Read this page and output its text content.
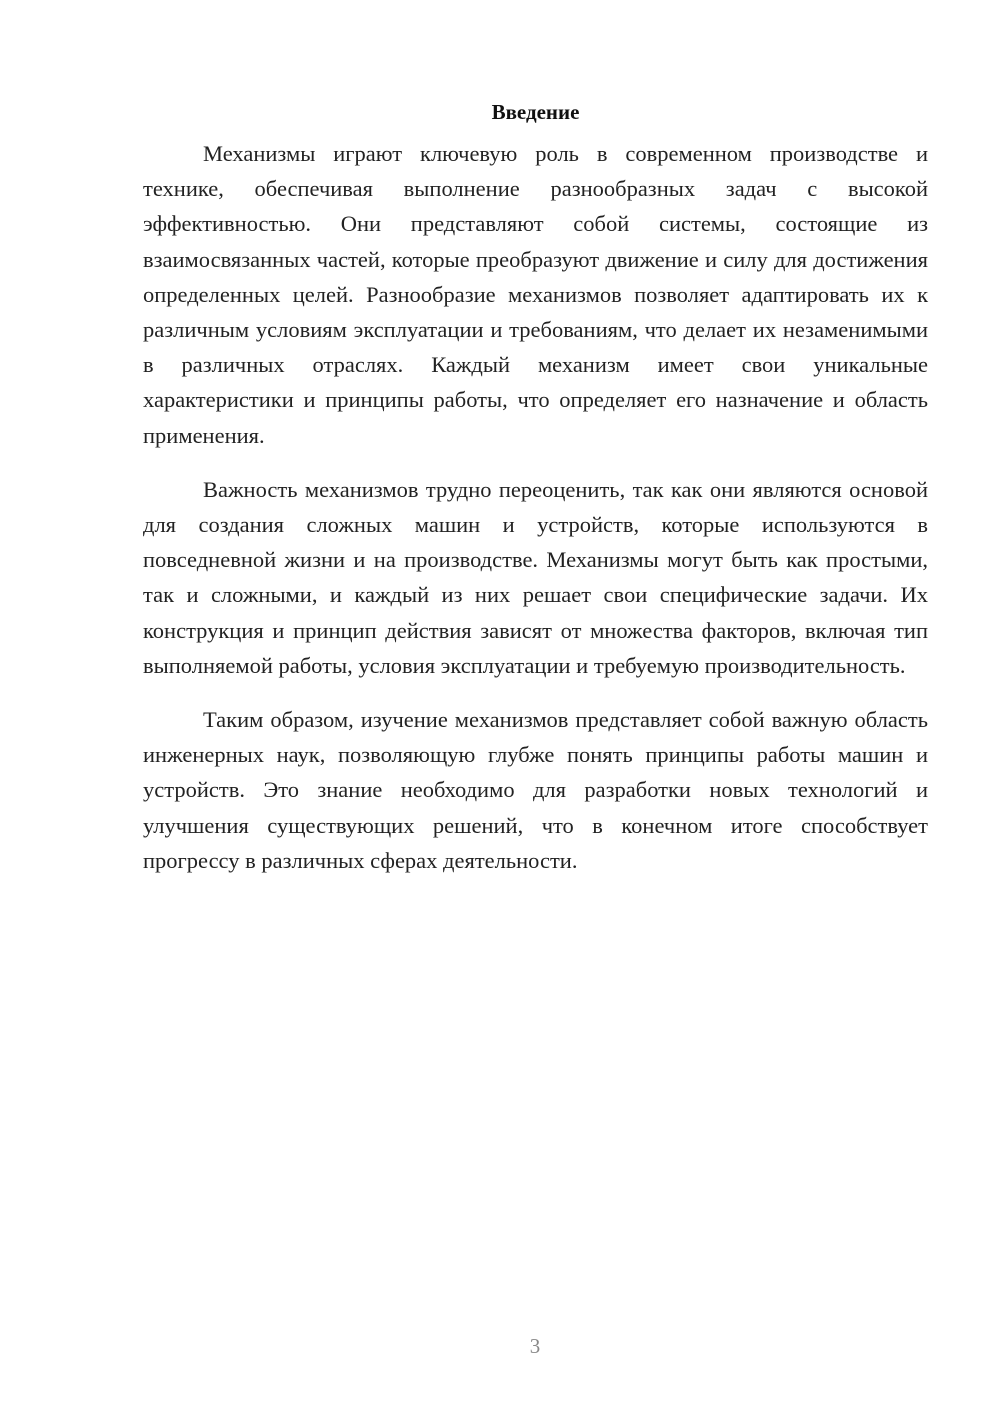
Введение

Механизмы играют ключевую роль в современном производстве и технике, обеспечивая выполнение разнообразных задач с высокой эффективностью. Они представляют собой системы, состоящие из взаимосвязанных частей, которые преобразуют движение и силу для достижения определенных целей. Разнообразие механизмов позволяет адаптировать их к различным условиям эксплуатации и требованиям, что делает их незаменимыми в различных отраслях. Каждый механизм имеет свои уникальные характеристики и принципы работы, что определяет его назначение и область применения.

Важность механизмов трудно переоценить, так как они являются основой для создания сложных машин и устройств, которые используются в повседневной жизни и на производстве. Механизмы могут быть как простыми, так и сложными, и каждый из них решает свои специфические задачи. Их конструкция и принцип действия зависят от множества факторов, включая тип выполняемой работы, условия эксплуатации и требуемую производительность.

Таким образом, изучение механизмов представляет собой важную область инженерных наук, позволяющую глубже понять принципы работы машин и устройств. Это знание необходимо для разработки новых технологий и улучшения существующих решений, что в конечном итоге способствует прогрессу в различных сферах деятельности.

3
